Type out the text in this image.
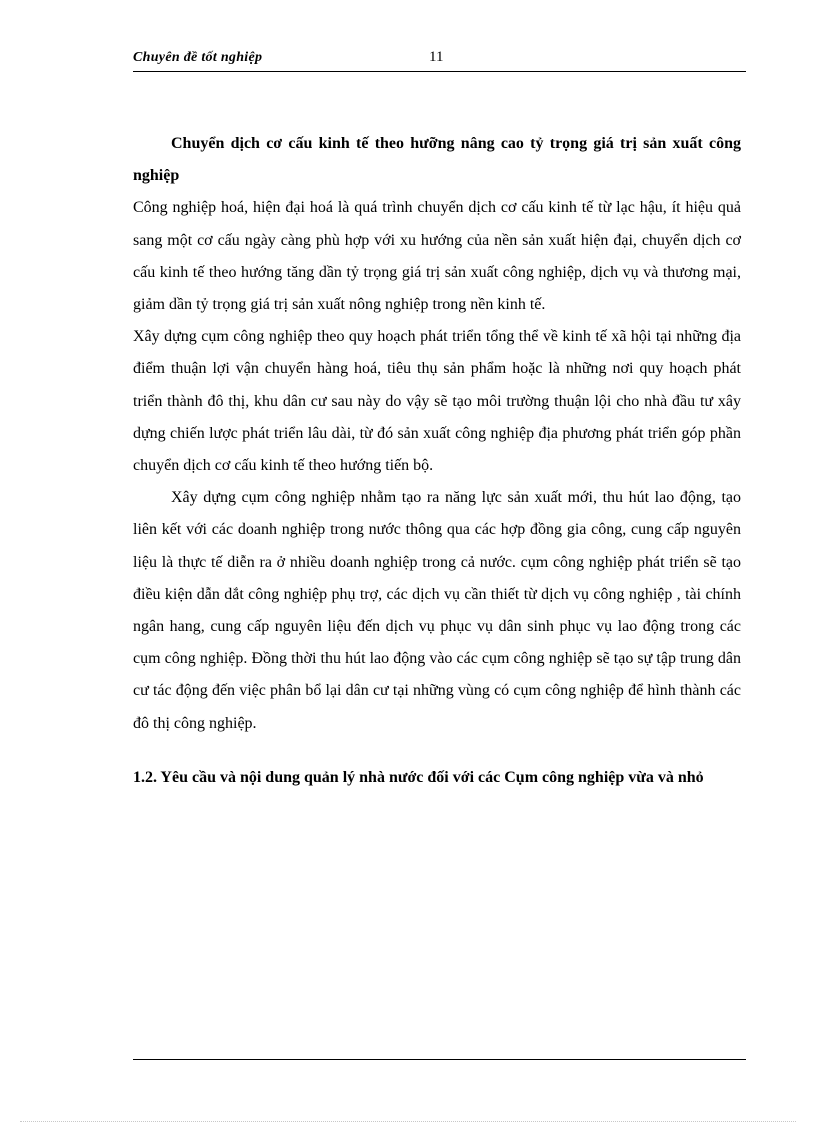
Chuyên đề tốt nghiệp	11

Chuyển dịch cơ cấu kinh tế theo hưỡng nâng cao tỷ trọng giá trị sản xuất công nghiệp

Công nghiệp hoá, hiện đại hoá là quá trình chuyển dịch cơ cấu kinh tế từ lạc hậu, ít hiệu quả sang một cơ cấu ngày càng phù hợp với xu hướng của nền sản xuất hiện đại, chuyển dịch cơ cấu kinh tế theo hướng tăng dần tỷ trọng giá trị sản xuất công nghiệp, dịch vụ và thương mại, giảm dần tỷ trọng giá trị sản xuất nông nghiệp trong nền kinh tế.

Xây dựng cụm công nghiệp theo quy hoạch phát triển tổng thể về kinh tế xã hội tại những địa điểm thuận lợi vận chuyển hàng hoá, tiêu thụ sản phẩm hoặc là những nơi quy hoạch phát triển thành đô thị, khu dân cư sau này do vậy sẽ tạo môi trường thuận lội cho nhà đầu tư xây dựng chiến lược phát triển lâu dài, từ đó sản xuất công nghiệp địa phương phát triển góp phần chuyển dịch cơ cấu kinh tế theo hướng tiến bộ.

Xây dựng cụm công nghiệp nhằm tạo ra năng lực sản xuất mới, thu hút lao động, tạo liên kết với các doanh nghiệp trong nước thông qua các hợp đồng gia công, cung cấp nguyên liệu là thực tế diễn ra ở nhiều doanh nghiệp trong cả nước. cụm công nghiệp phát triển sẽ tạo điều kiện dẫn dắt công nghiệp phụ trợ, các dịch vụ cần thiết từ dịch vụ công nghiệp , tài chính ngân hang, cung cấp nguyên liệu đến dịch vụ phục vụ dân sinh phục vụ lao động trong các cụm công nghiệp. Đồng thời thu hút lao động vào các cụm công nghiệp sẽ tạo sự tập trung dân cư tác động đến việc phân bổ lại dân cư tại những vùng có cụm công nghiệp để hình thành các đô thị công nghiệp.

1.2. Yêu cầu và nội dung quản lý nhà nước đối với các Cụm công nghiệp vừa và nhỏ
